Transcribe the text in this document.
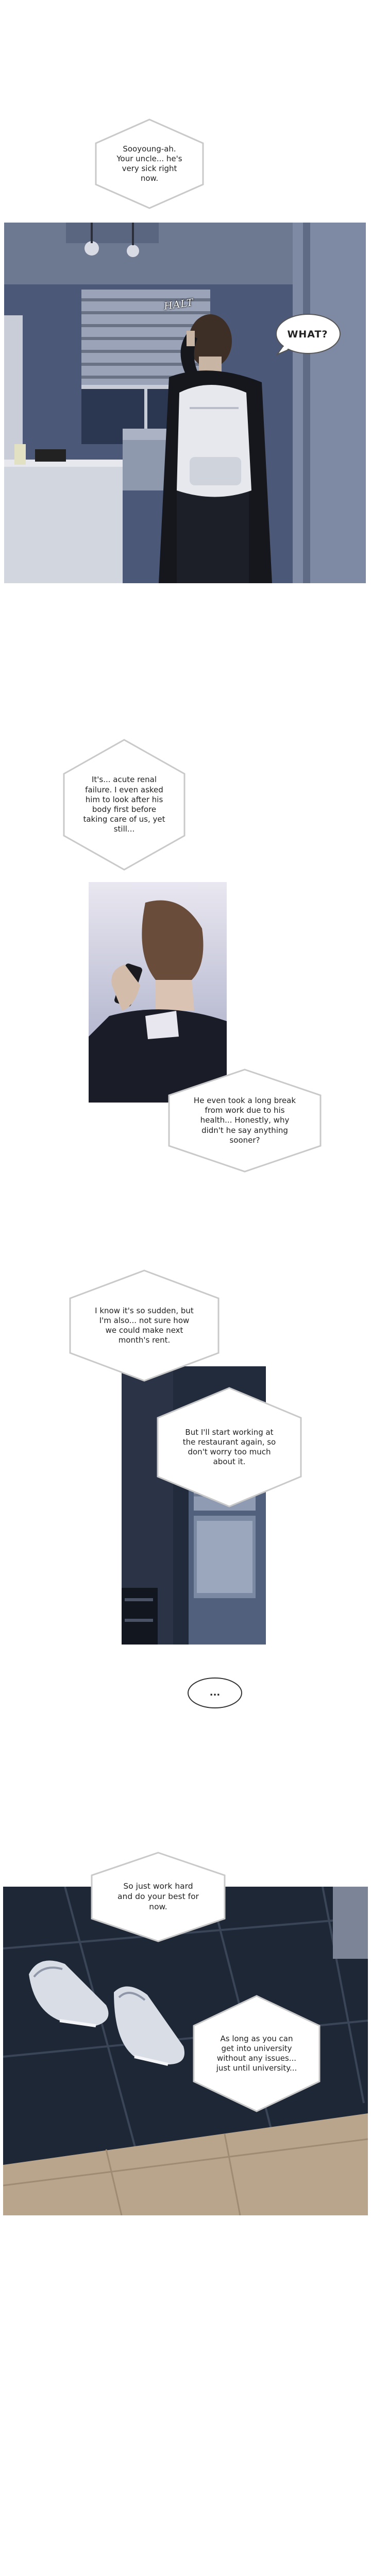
Sooyoung-ah. Your uncle... he's very sick right now.
HALT
WHAT?
It's... acute renal failure. I even asked him to look after his body first before taking care of us, yet still...
He even took a long break from work due to his health... Honestly, why didn't he say anything sooner?
I know it's so sudden, but I'm also... not sure how we could make next month's rent.
But I'll start working at the restaurant again, so don't worry too much about it.
...
So just work hard and do your best for now.
As long as you can get into university without any issues... just until university...
